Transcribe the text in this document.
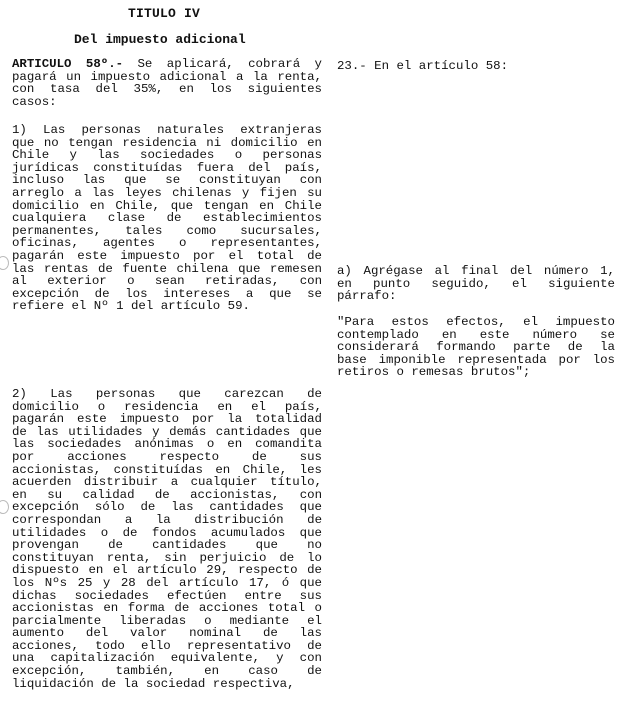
TITULO IV
Del impuesto adicional
ARTICULO 58º.- Se aplicará, cobrará y
pagará un impuesto adicional a la renta,
con tasa del 35%, en los siguientes
casos:
1) Las personas naturales extranjeras
que no tengan residencia ni domicilio en
Chile y las sociedades o personas
jurídicas constituídas fuera del país,
incluso las que se constituyan con
arreglo a las leyes chilenas y fijen su
domicilio en Chile, que tengan en Chile
cualquiera clase de establecimientos
permanentes, tales como sucursales,
oficinas, agentes o representantes,
pagarán este impuesto por el total de
las rentas de fuente chilena que remesen
al exterior o sean retiradas, con
excepción de los intereses a que se
refiere el Nº 1 del artículo 59.
2) Las personas que carezcan de
domicilio o residencia en el país,
pagarán este impuesto por la totalidad
de las utilidades y demás cantidades que
las sociedades anónimas o en comandita
por acciones respecto de sus
accionistas, constituídas en Chile, les
acuerden distribuir a cualquier título,
en su calidad de accionistas, con
excepción sólo de las cantidades que
correspondan a la distribución de
utilidades o de fondos acumulados que
provengan de cantidades que no
constituyan renta, sin perjuicio de lo
dispuesto en el artículo 29, respecto de
los Nºs 25 y 28 del artículo 17, ó que
dichas sociedades efectúen entre sus
accionistas en forma de acciones total o
parcialmente liberadas o mediante el
aumento del valor nominal de las
acciones, todo ello representativo de
una capitalización equivalente, y con
excepción, también, en caso de
liquidación de la sociedad respectiva,
23.- En el artículo 58:
a) Agrégase al final del número 1,
en punto seguido, el siguiente
párrafo:
"Para estos efectos, el impuesto
contemplado en este número se
considerará formando parte de la
base imponible representada por los
retiros o remesas brutos";
